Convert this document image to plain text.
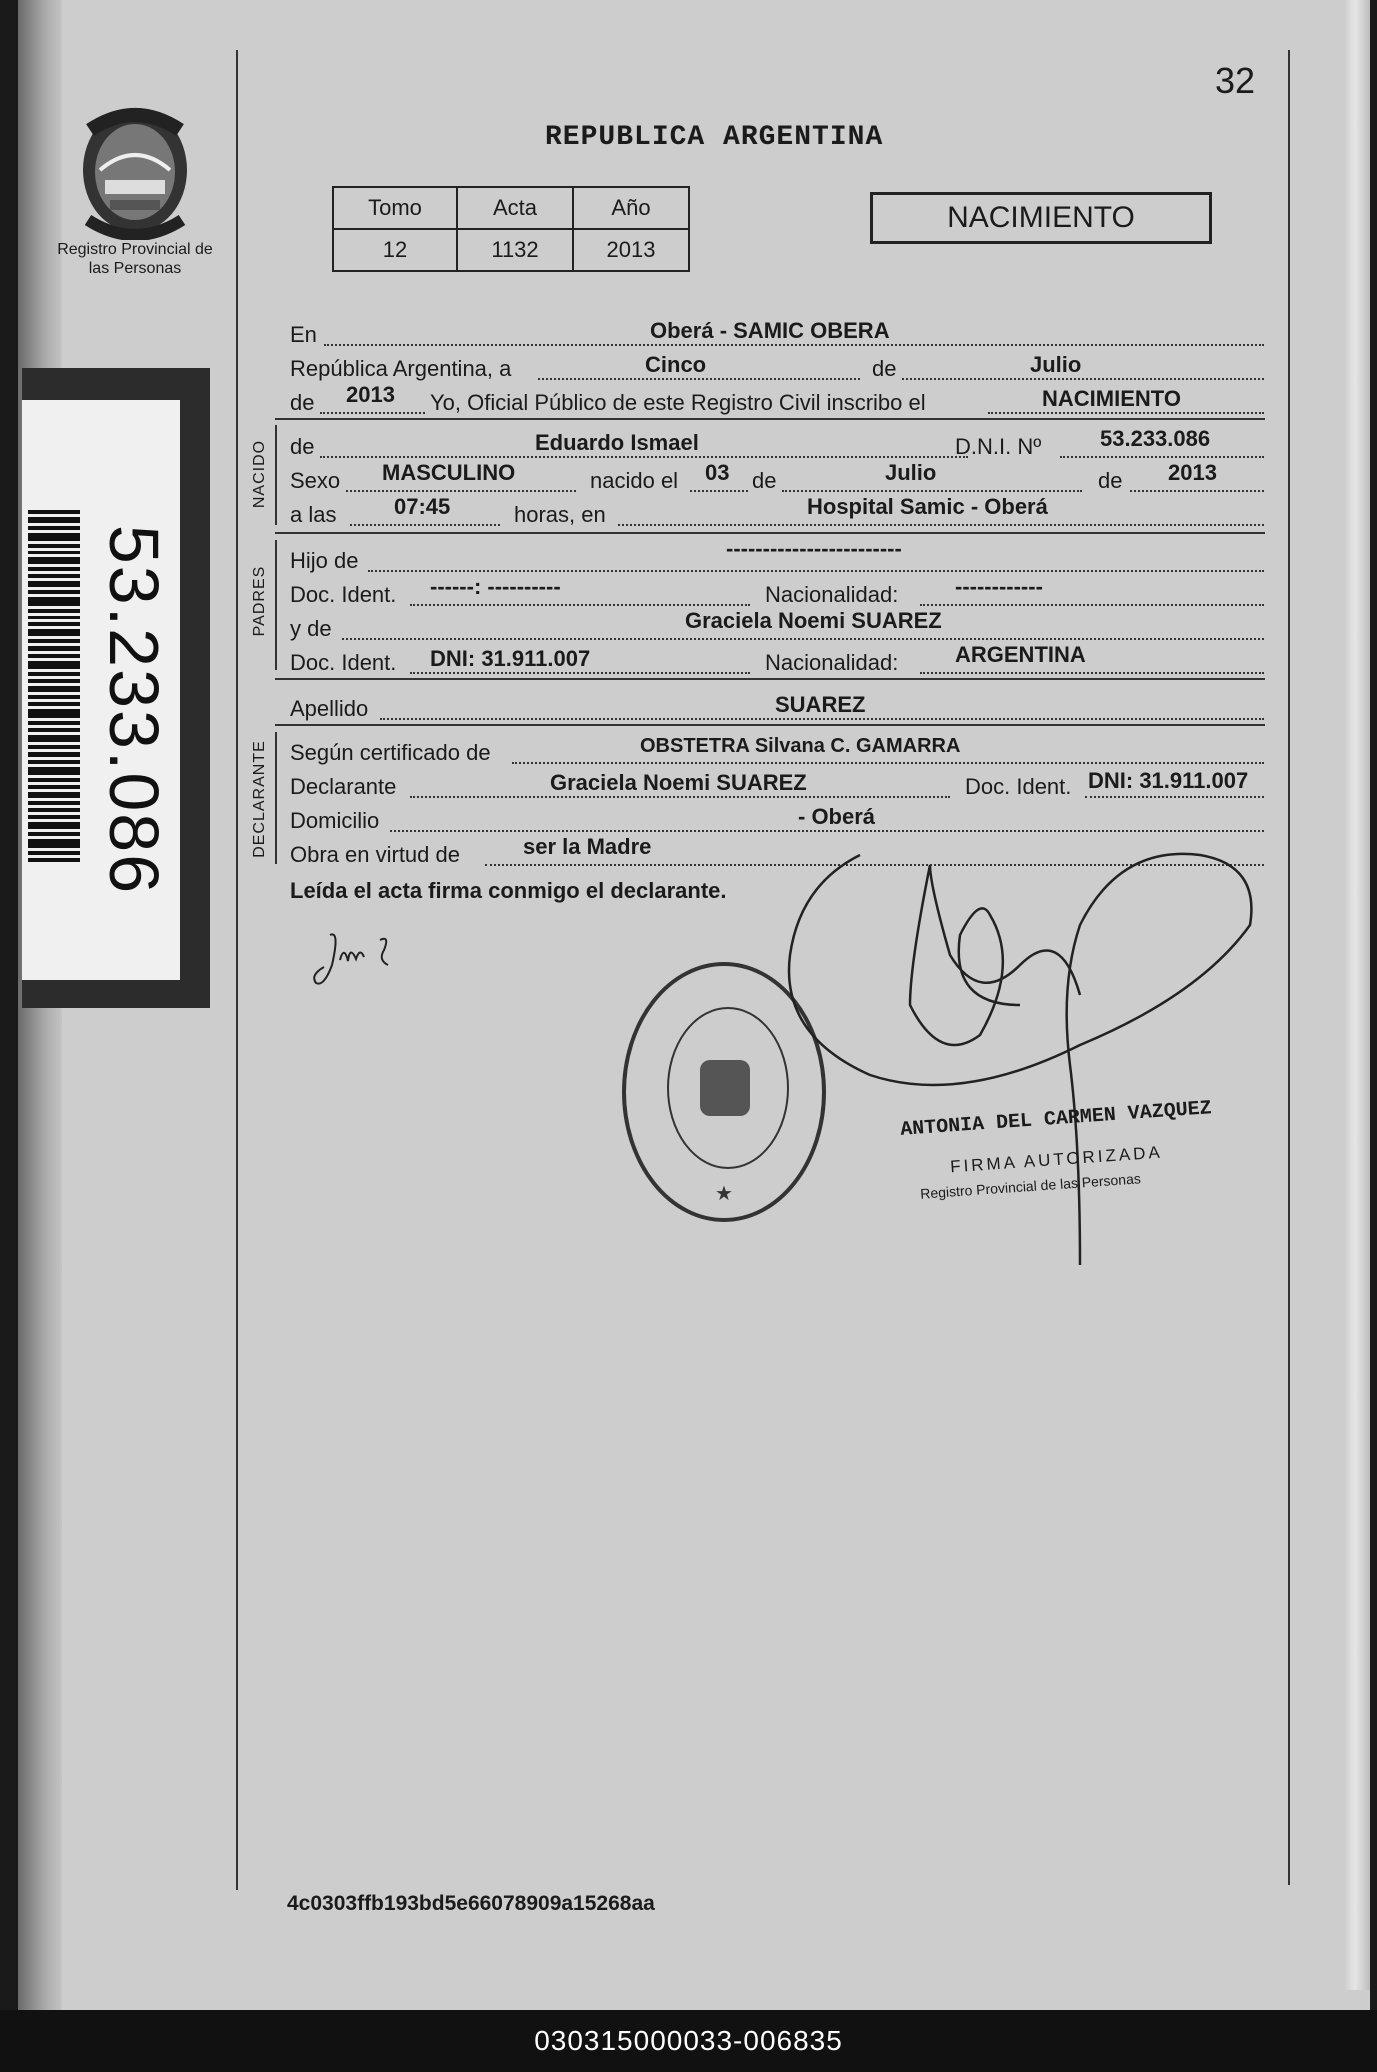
32
Registro Provincial de las Personas
53.233.086
REPUBLICA ARGENTINA
Tomo	Acta	Año
12	1132	2013
NACIMIENTO
En	Oberá - SAMIC OBERA
República Argentina, a	Cinco	de	Julio
de 2013 Yo, Oficial Público de este Registro Civil inscribo el	NACIMIENTO
NACIDO de	Eduardo Ismael	D.N.I. Nº	53.233.086
Sexo MASCULINO	nacido el 03 de	Julio	de 2013
a las	07:45	horas, en	Hospital Samic - Oberá
PADRES
Hijo de	------------------------
Doc. Ident. ------: ----------	Nacionalidad:	------------
y de	Graciela Noemi SUAREZ
Doc. Ident. DNI: 31.911.007	Nacionalidad:	ARGENTINA
Apellido	SUAREZ
DECLARANTE Según certificado de	OBSTETRA Silvana C. GAMARRA
Declarante	Graciela Noemi SUAREZ	Doc. Ident. DNI: 31.911.007
Domicilio	- Oberá
Obra en virtud de	ser la Madre
Leída el acta firma conmigo el declarante.
★
ANTONIA DEL CARMEN VAZQUEZ
FIRMA AUTORIZADA
Registro Provincial de las Personas
4c0303ffb193bd5e66078909a15268aa
030315000033-006835
